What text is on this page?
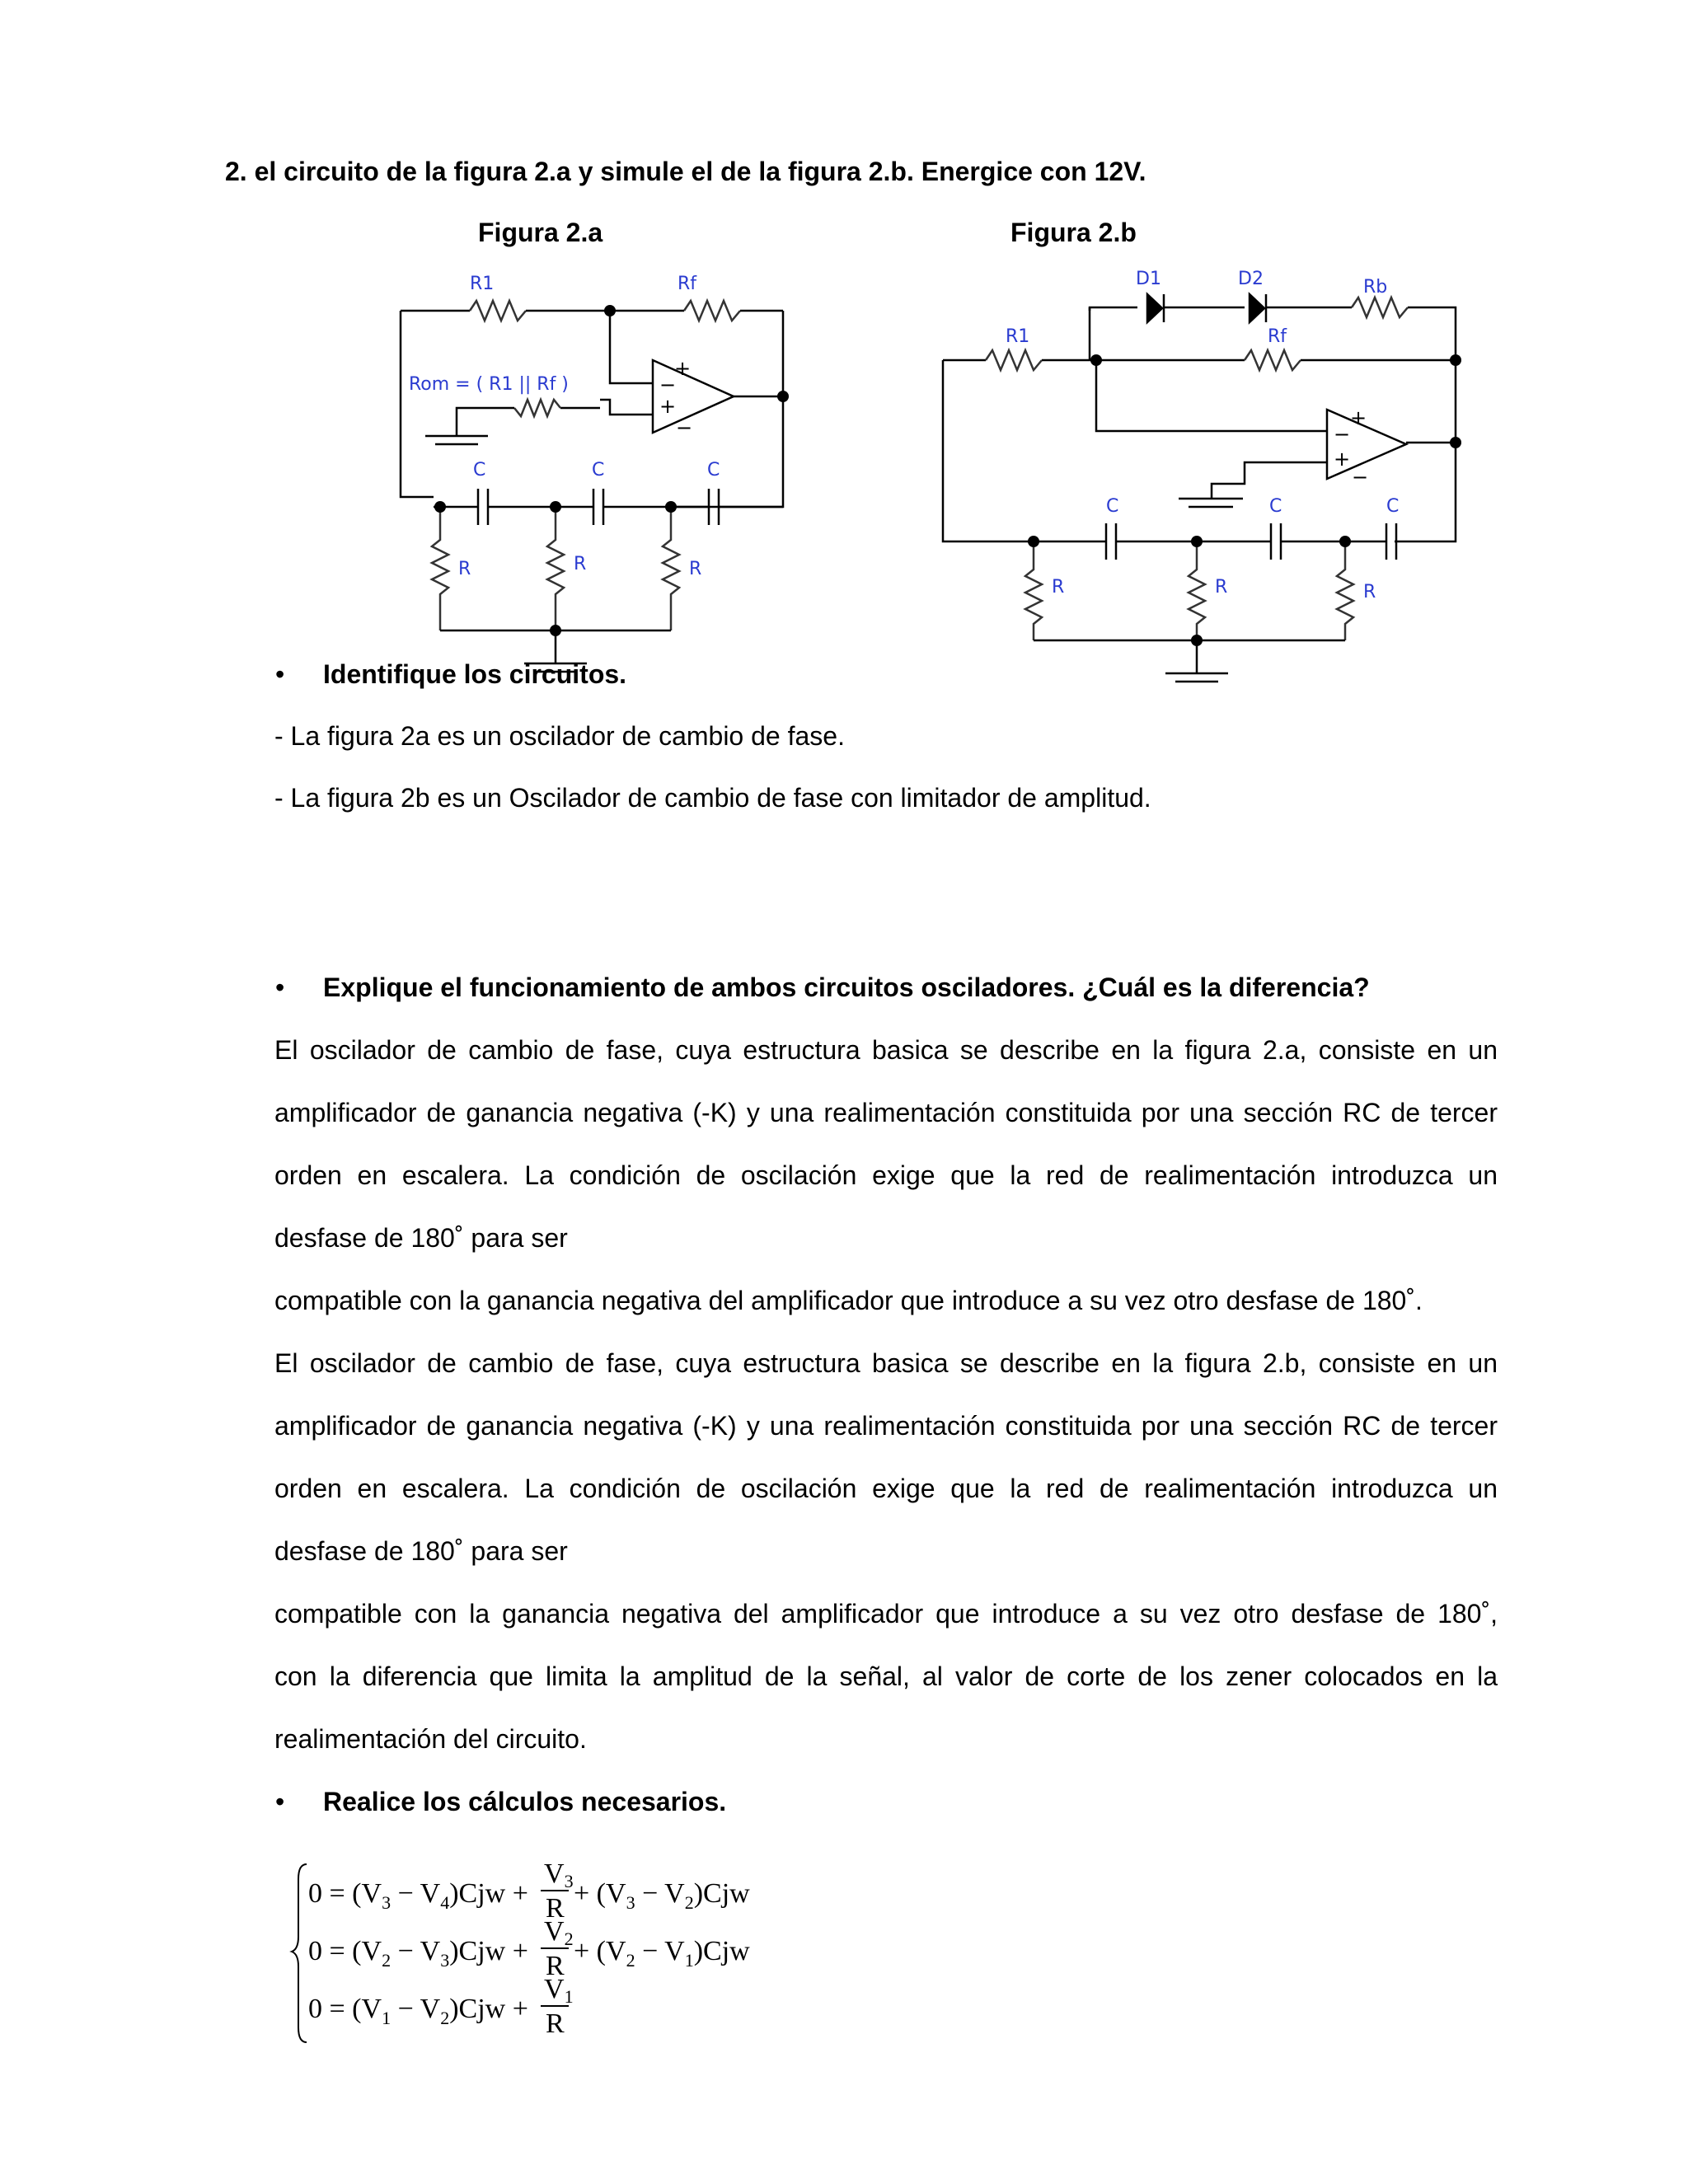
2. el circuito de la figura 2.a y simule el de la figura 2.b. Energice con 12V.
Figura 2.a	Figura 2.b
R1	Rf
Rom = ( R1 || Rf )
+
+
−
−
C	C	C
R	R	R
D1	D2	Rb
R1	Rf
+
−
+
−
C	C	C
R	R	R
• Identifique los circuitos.
- La figura 2a es un oscilador de cambio de fase.
- La figura 2b es un Oscilador de cambio de fase con limitador de amplitud.
• Explique el funcionamiento de ambos circuitos osciladores. ¿Cuál es la diferencia?
El oscilador de cambio de fase, cuya estructura basica se describe en la figura 2.a, consiste en un
amplificador de ganancia negativa (-K) y una realimentación constituida por una sección RC de tercer
orden en escalera. La condición de oscilación exige que la red de realimentación introduzca un
desfase de 180˚ para ser
compatible con la ganancia negativa del amplificador que introduce a su vez otro desfase de 180˚.
El oscilador de cambio de fase, cuya estructura basica se describe en la figura 2.b, consiste en un
amplificador de ganancia negativa (-K) y una realimentación constituida por una sección RC de tercer
orden en escalera. La condición de oscilación exige que la red de realimentación introduzca un
desfase de 180˚ para ser
compatible con la ganancia negativa del amplificador que introduce a su vez otro desfase de 180˚,
con la diferencia que limita la amplitud de la señal, al valor de corte de los zener colocados en la
realimentación del circuito.
• Realice los cálculos necesarios.
$0 = (V_3 - V_4)Cjw$ +
V3
$R + (V_3 - V_2)Cjw$
$0 = (V_2 - V_3)Cjw$ +
V2
$R + (V_2 - V_1)Cjw$
$0 = (V_1 - V_2)Cjw$ +
V1
R
